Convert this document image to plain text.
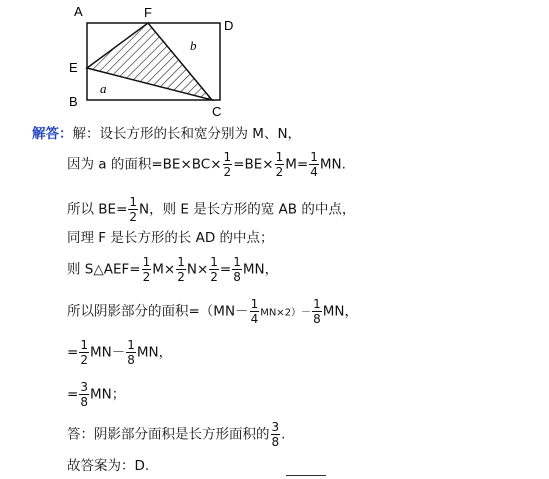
A	F
D
E
B
C
b
a
解答：解：设长方形的长和宽分别为 M、N，
因为 a 的面积$=BE\times BC\times \frac{1}{2} =BE\times \frac{1}{2} M= \frac{1}{4}$ MN.
所以 $BE= \frac{1}{2}$ N，则 E 是长方形的宽 AB 的中点，
同理 F 是长方形的长 AD 的中点；
则 S△AEF= $\frac{1}{2} M\times \frac{1}{2} N\times \frac{1}{2} = \frac{1}{8}$ MN，
所以阴影部分的面积$=(MN- \frac{1}{4} MN\times 2)- \frac{1}{8}$ MN，
= $\frac{1}{2} MN- \frac{1}{8}$ MN，
= $\frac{3}{8}$ MN；
答：阴影部分面积是长方形面积的 $\frac{3}{8}$ .
故答案为：D.
